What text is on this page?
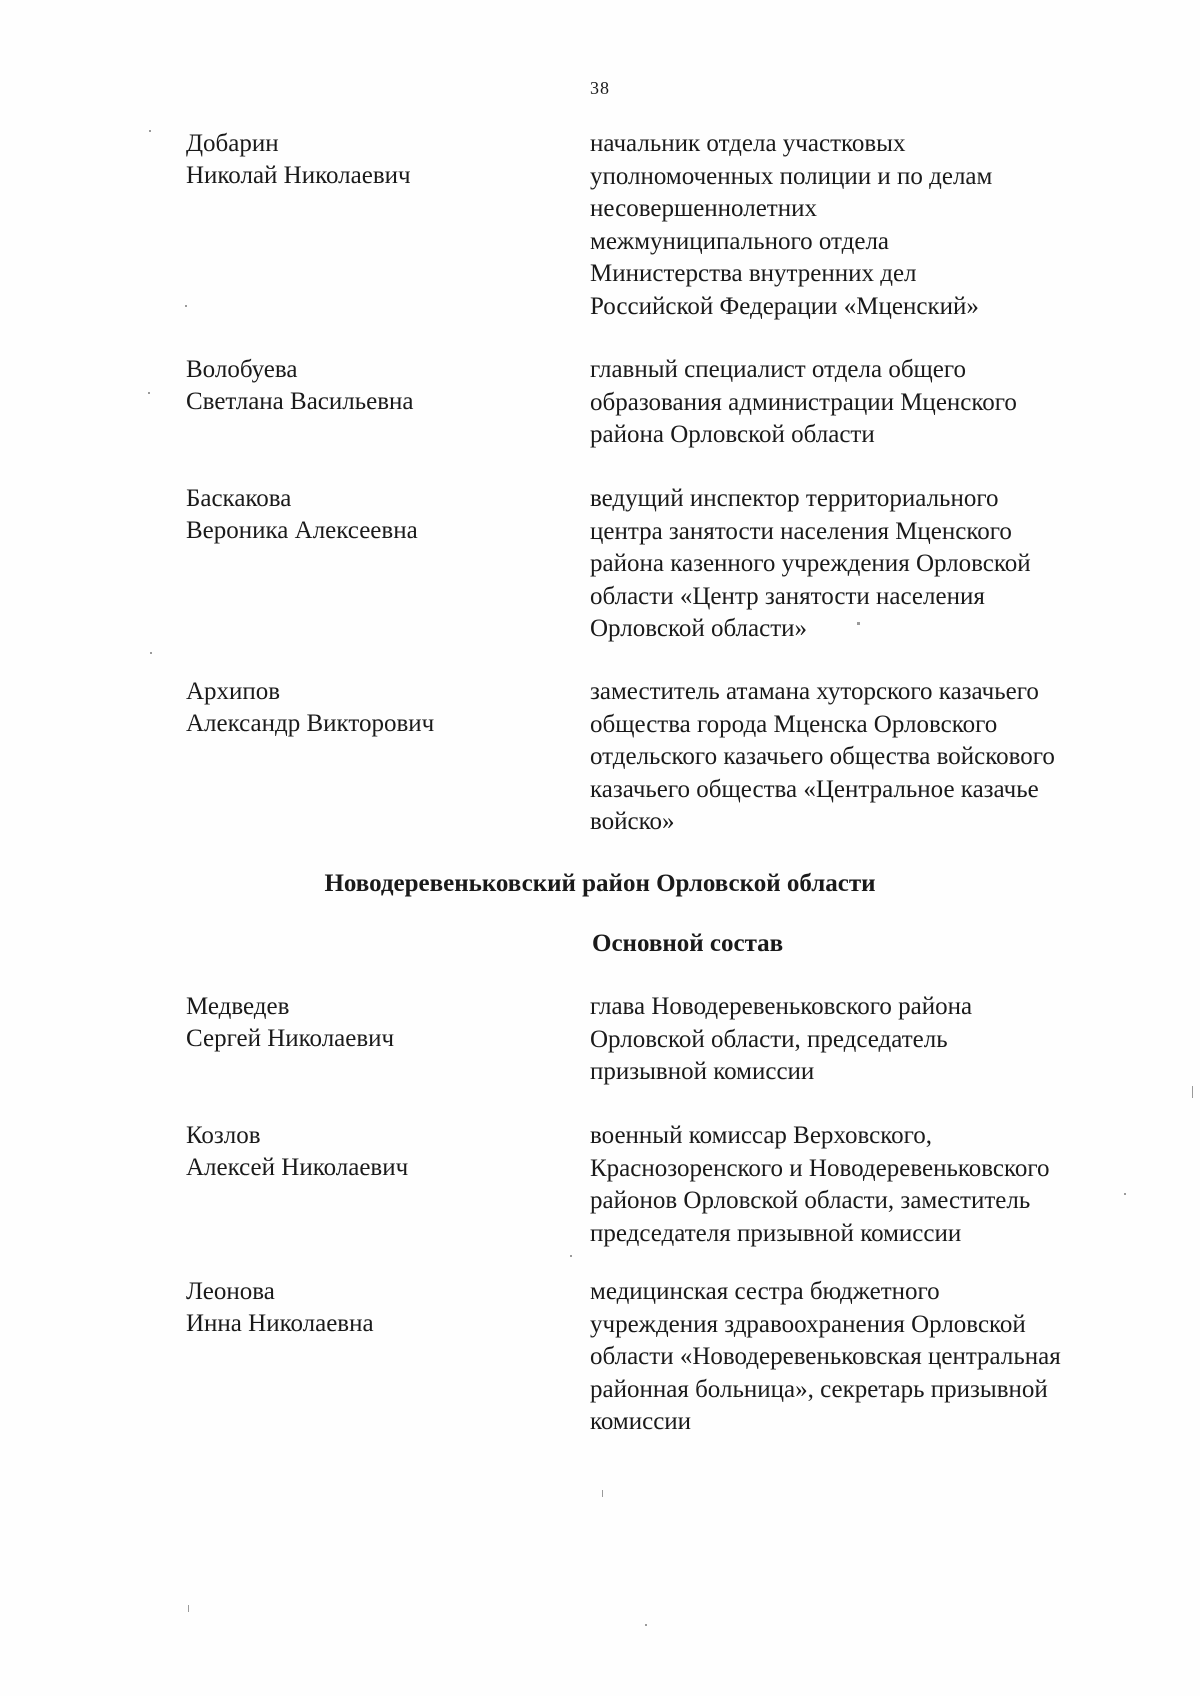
38
Добарин
Николай Николаевич
начальник отдела участковых
уполномоченных полиции и по делам
несовершеннолетних
межмуниципального отдела
Министерства внутренних дел
Российской Федерации «Мценский»
Волобуева
Светлана Васильевна
главный специалист отдела общего
образования администрации Мценского
района Орловской области
Баскакова
Вероника Алексеевна
ведущий инспектор территориального
центра занятости населения Мценского
района казенного учреждения Орловской
области «Центр занятости населения
Орловской области»
Архипов
Александр Викторович
заместитель атамана хуторского казачьего
общества города Мценска Орловского
отдельского казачьего общества войскового
казачьего общества «Центральное казачье
войско»
Новодеревеньковский район Орловской области
Основной состав
Медведев
Сергей Николаевич
глава Новодеревеньковского района
Орловской области, председатель
призывной комиссии
Козлов
Алексей Николаевич
военный комиссар Верховского,
Краснозоренского и Новодеревеньковского
районов Орловской области, заместитель
председателя призывной комиссии
Леонова
Инна Николаевна
медицинская сестра бюджетного
учреждения здравоохранения Орловской
области «Новодеревеньковская центральная
районная больница», секретарь призывной
комиссии
